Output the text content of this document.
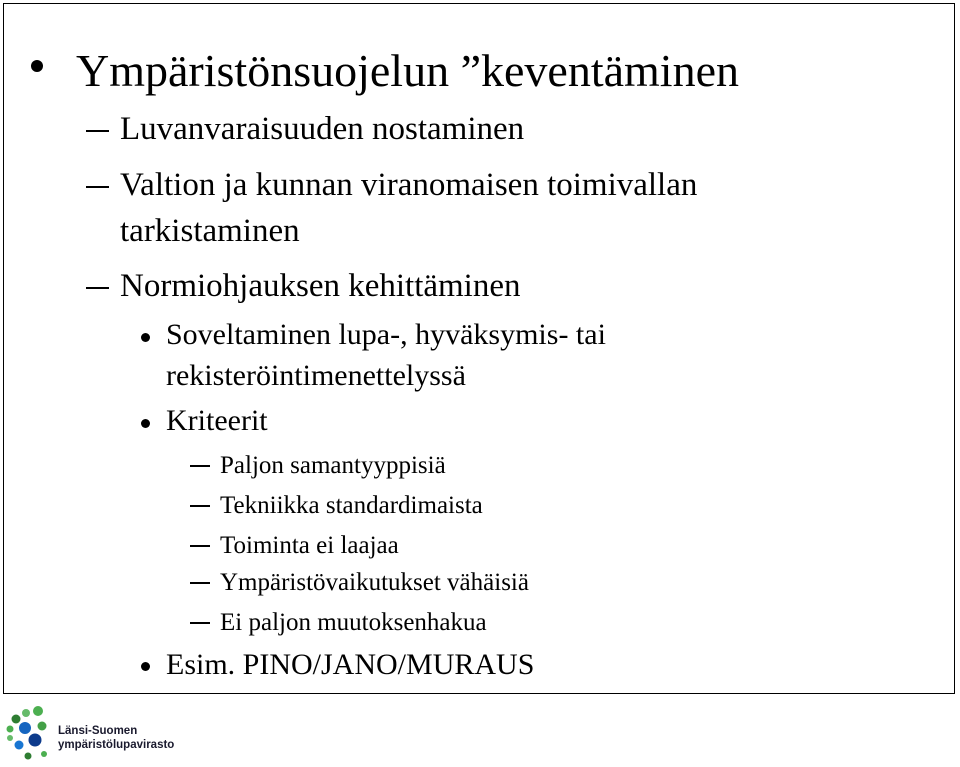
Ympäristönsuojelun ”keventäminen
Luvanvaraisuuden nostaminen
Valtion ja kunnan viranomaisen toimivallan
tarkistaminen
Normiohjauksen kehittäminen
Soveltaminen lupa-, hyväksymis- tai
rekisteröintimenettelyssä
Kriteerit
Paljon samantyyppisiä
Tekniikka standardimaista
Toiminta ei laajaa
Ympäristövaikutukset vähäisiä
Ei paljon muutoksenhakua
Esim. PINO/JANO/MURAUS
Länsi-Suomen
ympäristölupavirasto
